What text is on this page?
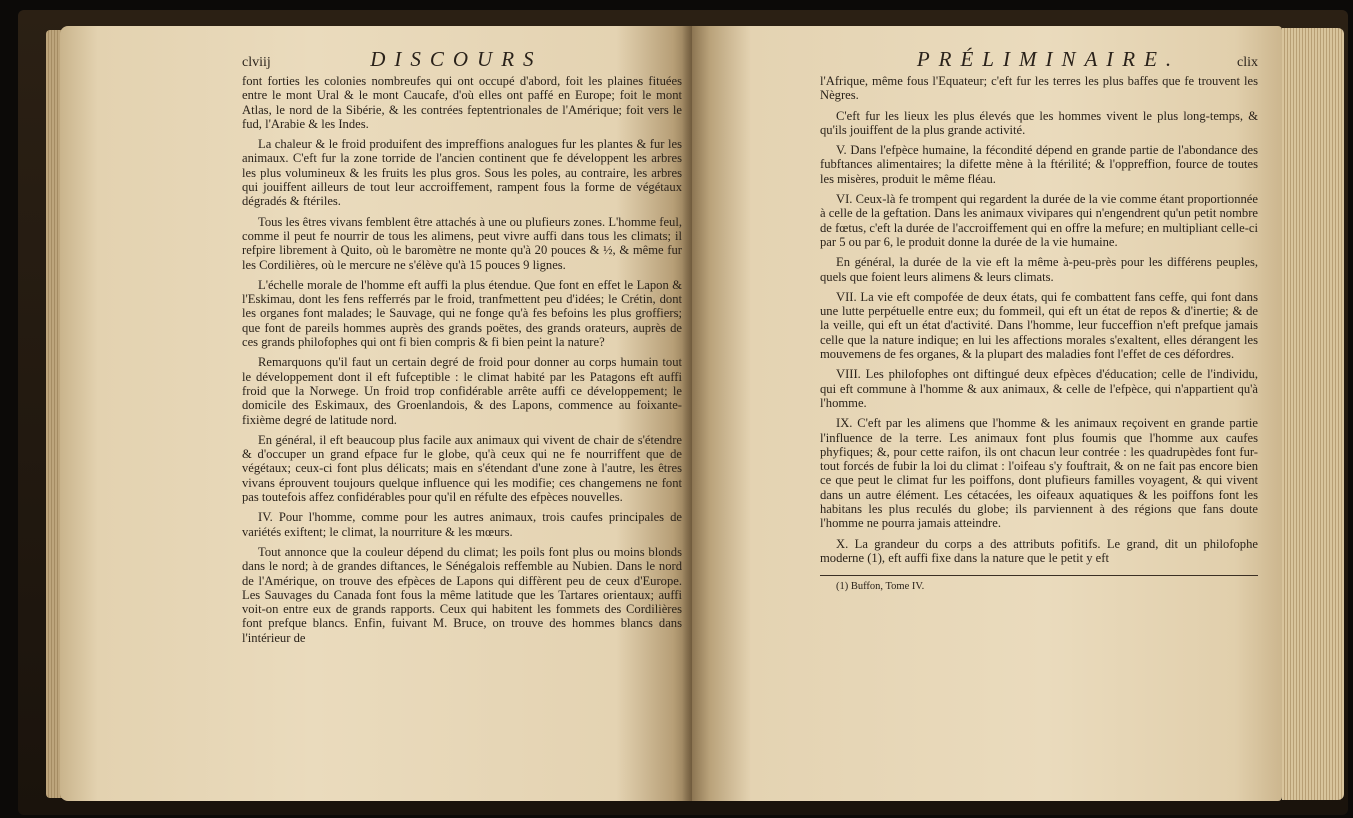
clviij	DISCOURS

font forties les colonies nombreufes qui ont occupé d'abord, foit les plaines fituées entre le mont Ural & le mont Caucafe, d'où elles ont paffé en Europe; foit le mont Atlas, le nord de la Sibérie, & les contrées feptentrionales de l'Amérique; foit vers le fud, l'Arabie & les Indes.

La chaleur & le froid produifent des impreffions analogues fur les plantes & fur les animaux. C'eft fur la zone torride de l'ancien continent que fe développent les arbres les plus volumineux & les fruits les plus gros. Sous les poles, au contraire, les arbres qui jouiffent ailleurs de tout leur accroiffement, rampent fous la forme de végétaux dégradés & ftériles.

Tous les êtres vivans femblent être attachés à une ou plufieurs zones. L'homme feul, comme il peut fe nourrir de tous les alimens, peut vivre auffi dans tous les climats; il refpire librement à Quito, où le baromètre ne monte qu'à 20 pouces & ½, & même fur les Cordilières, où le mercure ne s'élève qu'à 15 pouces 9 lignes.

L'échelle morale de l'homme eft auffi la plus étendue. Que font en effet le Lapon & l'Eskimau, dont les fens refferrés par le froid, tranfmettent peu d'idées; le Crétin, dont les organes font malades; le Sauvage, qui ne fonge qu'à fes befoins les plus groffiers; que font de pareils hommes auprès des grands poëtes, des grands orateurs, auprès de ces grands philofophes qui ont fi bien compris & fi bien peint la nature?

Remarquons qu'il faut un certain degré de froid pour donner au corps humain tout le développement dont il eft fufceptible : le climat habité par les Patagons eft auffi froid que la Norwege. Un froid trop confidérable arrête auffi ce développement; le domicile des Eskimaux, des Groenlandois, & des Lapons, commence au foixante-fixième degré de latitude nord.

En général, il eft beaucoup plus facile aux animaux qui vivent de chair de s'étendre & d'occuper un grand efpace fur le globe, qu'à ceux qui ne fe nourriffent que de végétaux; ceux-ci font plus délicats; mais en s'étendant d'une zone à l'autre, les êtres vivans éprouvent toujours quelque influence qui les modifie; ces changemens ne font pas toutefois affez confidérables pour qu'il en réfulte des efpèces nouvelles.

IV. Pour l'homme, comme pour les autres animaux, trois caufes principales de variétés exiftent; le climat, la nourriture & les mœurs.

Tout annonce que la couleur dépend du climat; les poils font plus ou moins blonds dans le nord; à de grandes diftances, le Sénégalois reffemble au Nubien. Dans le nord de l'Amérique, on trouve des efpèces de Lapons qui diffèrent peu de ceux d'Europe. Les Sauvages du Canada font fous la même latitude que les Tartares orientaux; auffi voit-on entre eux de grands rapports. Ceux qui habitent les fommets des Cordilières font prefque blancs. Enfin, fuivant M. Bruce, on trouve des hommes blancs dans l'intérieur de

PRÉLIMINAIRE.	clix

l'Afrique, même fous l'Equateur; c'eft fur les terres les plus baffes que fe trouvent les Nègres.

C'eft fur les lieux les plus élevés que les hommes vivent le plus long-temps, & qu'ils jouiffent de la plus grande activité.

V. Dans l'efpèce humaine, la fécondité dépend en grande partie de l'abondance des fubftances alimentaires; la difette mène à la ftérilité; & l'oppreffion, fource de toutes les misères, produit le même fléau.

VI. Ceux-là fe trompent qui regardent la durée de la vie comme étant proportionnée à celle de la geftation. Dans les animaux vivipares qui n'engendrent qu'un petit nombre de fœtus, c'eft la durée de l'accroiffement qui en offre la mefure; en multipliant celle-ci par 5 ou par 6, le produit donne la durée de la vie humaine.

En général, la durée de la vie eft la même à-peu-près pour les différens peuples, quels que foient leurs alimens & leurs climats.

VII. La vie eft compofée de deux états, qui fe combattent fans ceffe, qui font dans une lutte perpétuelle entre eux; du fommeil, qui eft un état de repos & d'inertie; & de la veille, qui eft un état d'activité. Dans l'homme, leur fucceffion n'eft prefque jamais celle que la nature indique; en lui les affections morales s'exaltent, elles dérangent les mouvemens de fes organes, & la plupart des maladies font l'effet de ces défordres.

VIII. Les philofophes ont diftingué deux efpèces d'éducation; celle de l'individu, qui eft commune à l'homme & aux animaux, & celle de l'efpèce, qui n'appartient qu'à l'homme.

IX. C'eft par les alimens que l'homme & les animaux reçoivent en grande partie l'influence de la terre. Les animaux font plus foumis que l'homme aux caufes phyfiques; &, pour cette raifon, ils ont chacun leur contrée : les quadrupèdes font fur-tout forcés de fubir la loi du climat : l'oifeau s'y fouftrait, & on ne fait pas encore bien ce que peut le climat fur les poiffons, dont plufieurs familles voyagent, & qui vivent dans un autre élément. Les cétacées, les oifeaux aquatiques & les poiffons font les habitans les plus reculés du globe; ils parviennent à des régions que fans doute l'homme ne pourra jamais atteindre.

X. La grandeur du corps a des attributs pofitifs. Le grand, dit un philofophe moderne (1), eft auffi fixe dans la nature que le petit y eft

(1) Buffon, Tome IV.
